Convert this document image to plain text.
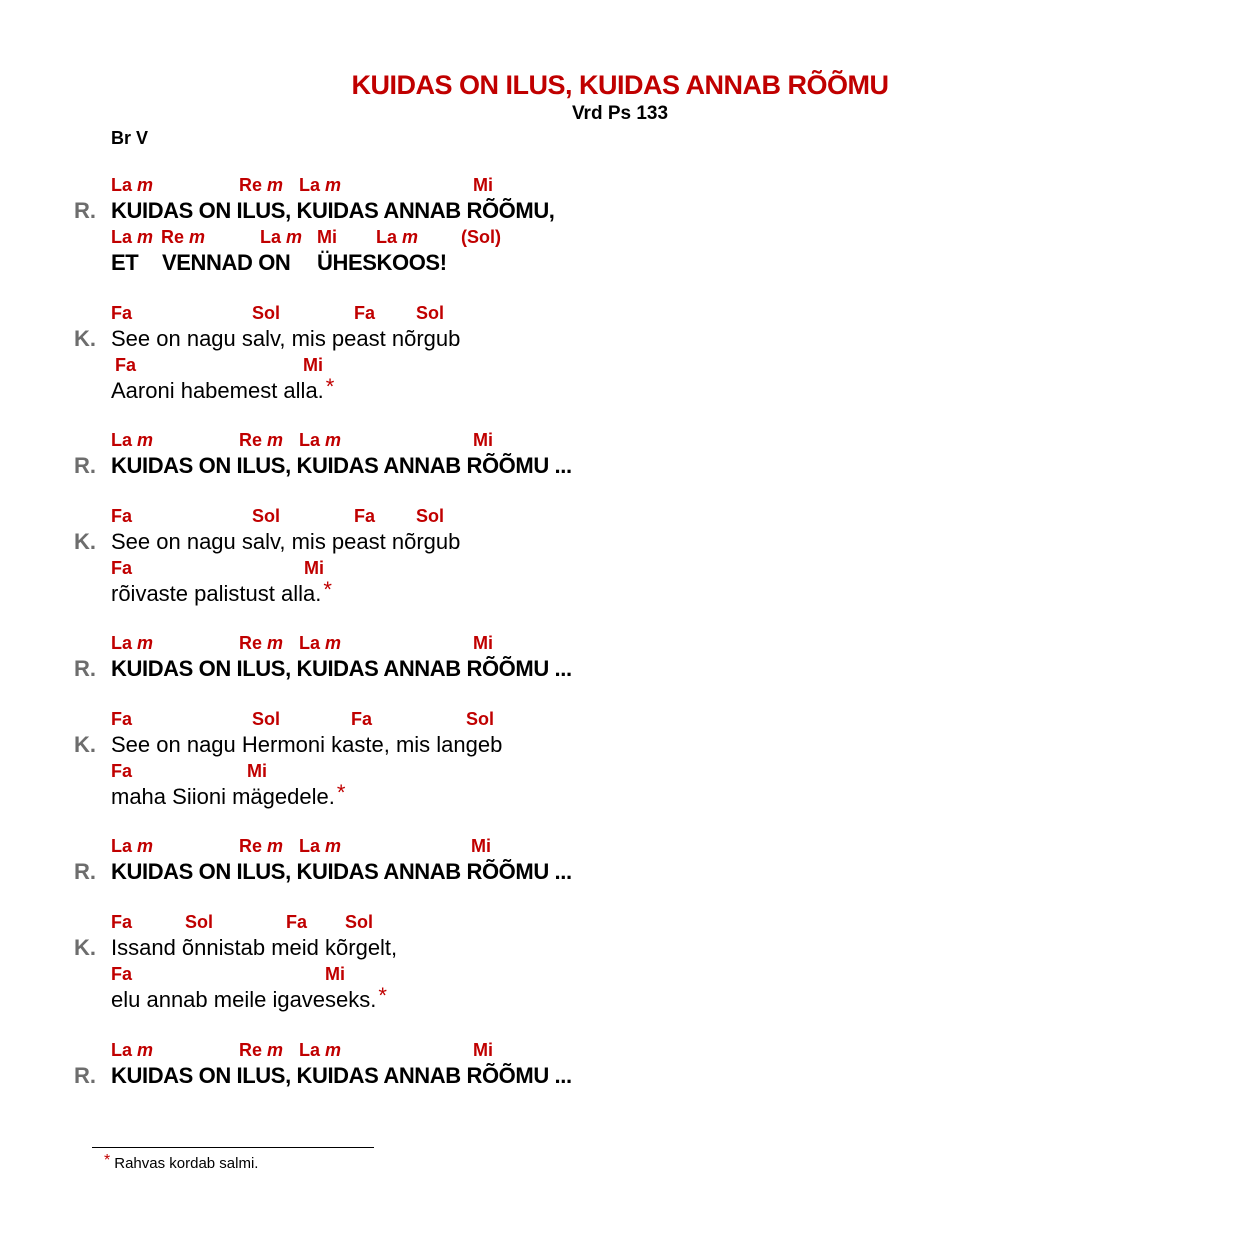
KUIDAS ON ILUS, KUIDAS ANNAB RÕÕMU
Vrd Ps 133
Br V
La m	Re m La m	Mi
R. KUIDAS ON ILUS, KUIDAS ANNAB RÕÕMU,
La m Re m	La m Mi La m (Sol)
ET VENNAD ON ÜHESKOOS!
Fa	Sol	Fa Sol
K. See on nagu salv, mis peast nõrgub
Fa	Mi
Aaroni habemest alla.*
La m	Re m La m	Mi
R. KUIDAS ON ILUS, KUIDAS ANNAB RÕÕMU ...
Fa	Sol	Fa Sol
K. See on nagu salv, mis peast nõrgub
Fa	Mi
rõivaste palistust alla.*
La m	Re m La m	Mi
R. KUIDAS ON ILUS, KUIDAS ANNAB RÕÕMU ...
Fa	Sol	Fa	Sol
K. See on nagu Hermoni kaste, mis langeb
Fa	Mi
maha Siioni mägedele.*
La m	Re m La m	Mi
R. KUIDAS ON ILUS, KUIDAS ANNAB RÕÕMU ...
Fa	Sol	Fa Sol
K. Issand õnnistab meid kõrgelt,
Fa	Mi
elu annab meile igaveseks.*
La m	Re m La m	Mi
R. KUIDAS ON ILUS, KUIDAS ANNAB RÕÕMU ...
* Rahvas kordab salmi.
